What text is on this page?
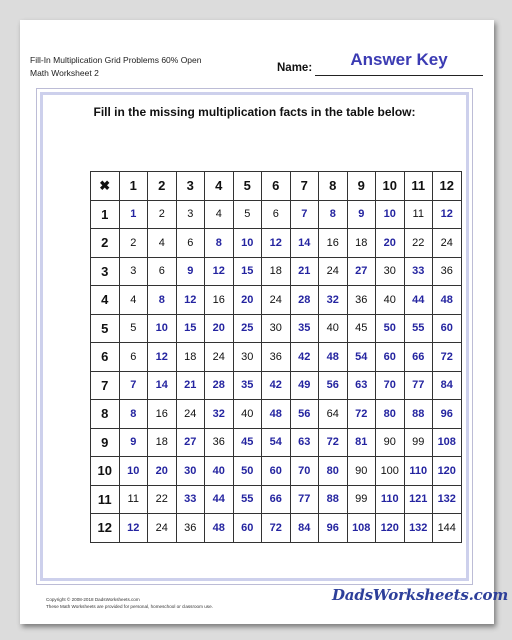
Fill-In Multiplication Grid Problems 60% Open
Math Worksheet 2	Name:	Answer Key
Fill in the missing multiplication facts in the table below:
✖	1	2	3	4	5	6	7	8	9	10	11	12
1	1	2	3	4	5	6	7	8	9	10	11	12
2	2	4	6	8	10	12	14	16	18	20	22	24
3	3	6	9	12	15	18	21	24	27	30	33	36
4	4	8	12	16	20	24	28	32	36	40	44	48
5	5	10	15	20	25	30	35	40	45	50	55	60
6	6	12	18	24	30	36	42	48	54	60	66	72
7	7	14	21	28	35	42	49	56	63	70	77	84
8	8	16	24	32	40	48	56	64	72	80	88	96
9	9	18	27	36	45	54	63	72	81	90	99	108
10	10	20	30	40	50	60	70	80	90	100	110	120
11	11	22	33	44	55	66	77	88	99	110	121	132
12	12	24	36	48	60	72	84	96	108	120	132	144
Copyright © 2008-2018 DadsWorksheets.com
These Math Worksheets are provided for personal, homeschool or classroom use.
DadsWorksheets.com
